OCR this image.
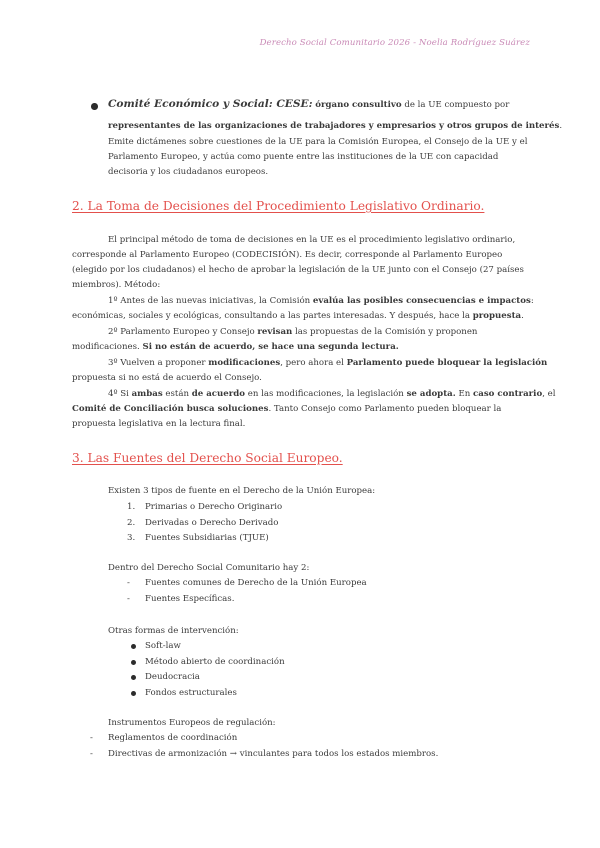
Derecho Social Comunitario 2026 - Noelia Rodríguez Suárez
Comité Económico y Social: CESE: órgano consultivo de la UE compuesto por
representantes de las organizaciones de trabajadores y empresarios y otros grupos de interés.
Emite dictámenes sobre cuestiones de la UE para la Comisión Europea, el Consejo de la UE y el
Parlamento Europeo, y actúa como puente entre las instituciones de la UE con capacidad
decisoria y los ciudadanos europeos.
2. La Toma de Decisiones del Procedimiento Legislativo Ordinario.
El principal método de toma de decisiones en la UE es el procedimiento legislativo ordinario,
corresponde al Parlamento Europeo (CODECISIÓN). Es decir, corresponde al Parlamento Europeo
(elegido por los ciudadanos) el hecho de aprobar la legislación de la UE junto con el Consejo (27 países
miembros). Método:
1º Antes de las nuevas iniciativas, la Comisión evalúa las posibles consecuencias e impactos:
económicas, sociales y ecológicas, consultando a las partes interesadas. Y después, hace la propuesta.
2º Parlamento Europeo y Consejo revisan las propuestas de la Comisión y proponen
modificaciones. Si no están de acuerdo, se hace una segunda lectura.
3º Vuelven a proponer modificaciones, pero ahora el Parlamento puede bloquear la legislación
propuesta si no está de acuerdo el Consejo.
4º Si ambas están de acuerdo en las modificaciones, la legislación se adopta. En caso contrario, el
Comité de Conciliación busca soluciones. Tanto Consejo como Parlamento pueden bloquear la
propuesta legislativa en la lectura final.
3. Las Fuentes del Derecho Social Europeo.
Existen 3 tipos de fuente en el Derecho de la Unión Europea:
1. Primarias o Derecho Originario
2. Derivadas o Derecho Derivado
3. Fuentes Subsidiarias (TJUE)
Dentro del Derecho Social Comunitario hay 2:
- Fuentes comunes de Derecho de la Unión Europea
- Fuentes Específicas.
Otras formas de intervención:
Soft-law
Método abierto de coordinación
Deudocracia
Fondos estructurales
Instrumentos Europeos de regulación:
- Reglamentos de coordinación
- Directivas de armonización → vinculantes para todos los estados miembros.
